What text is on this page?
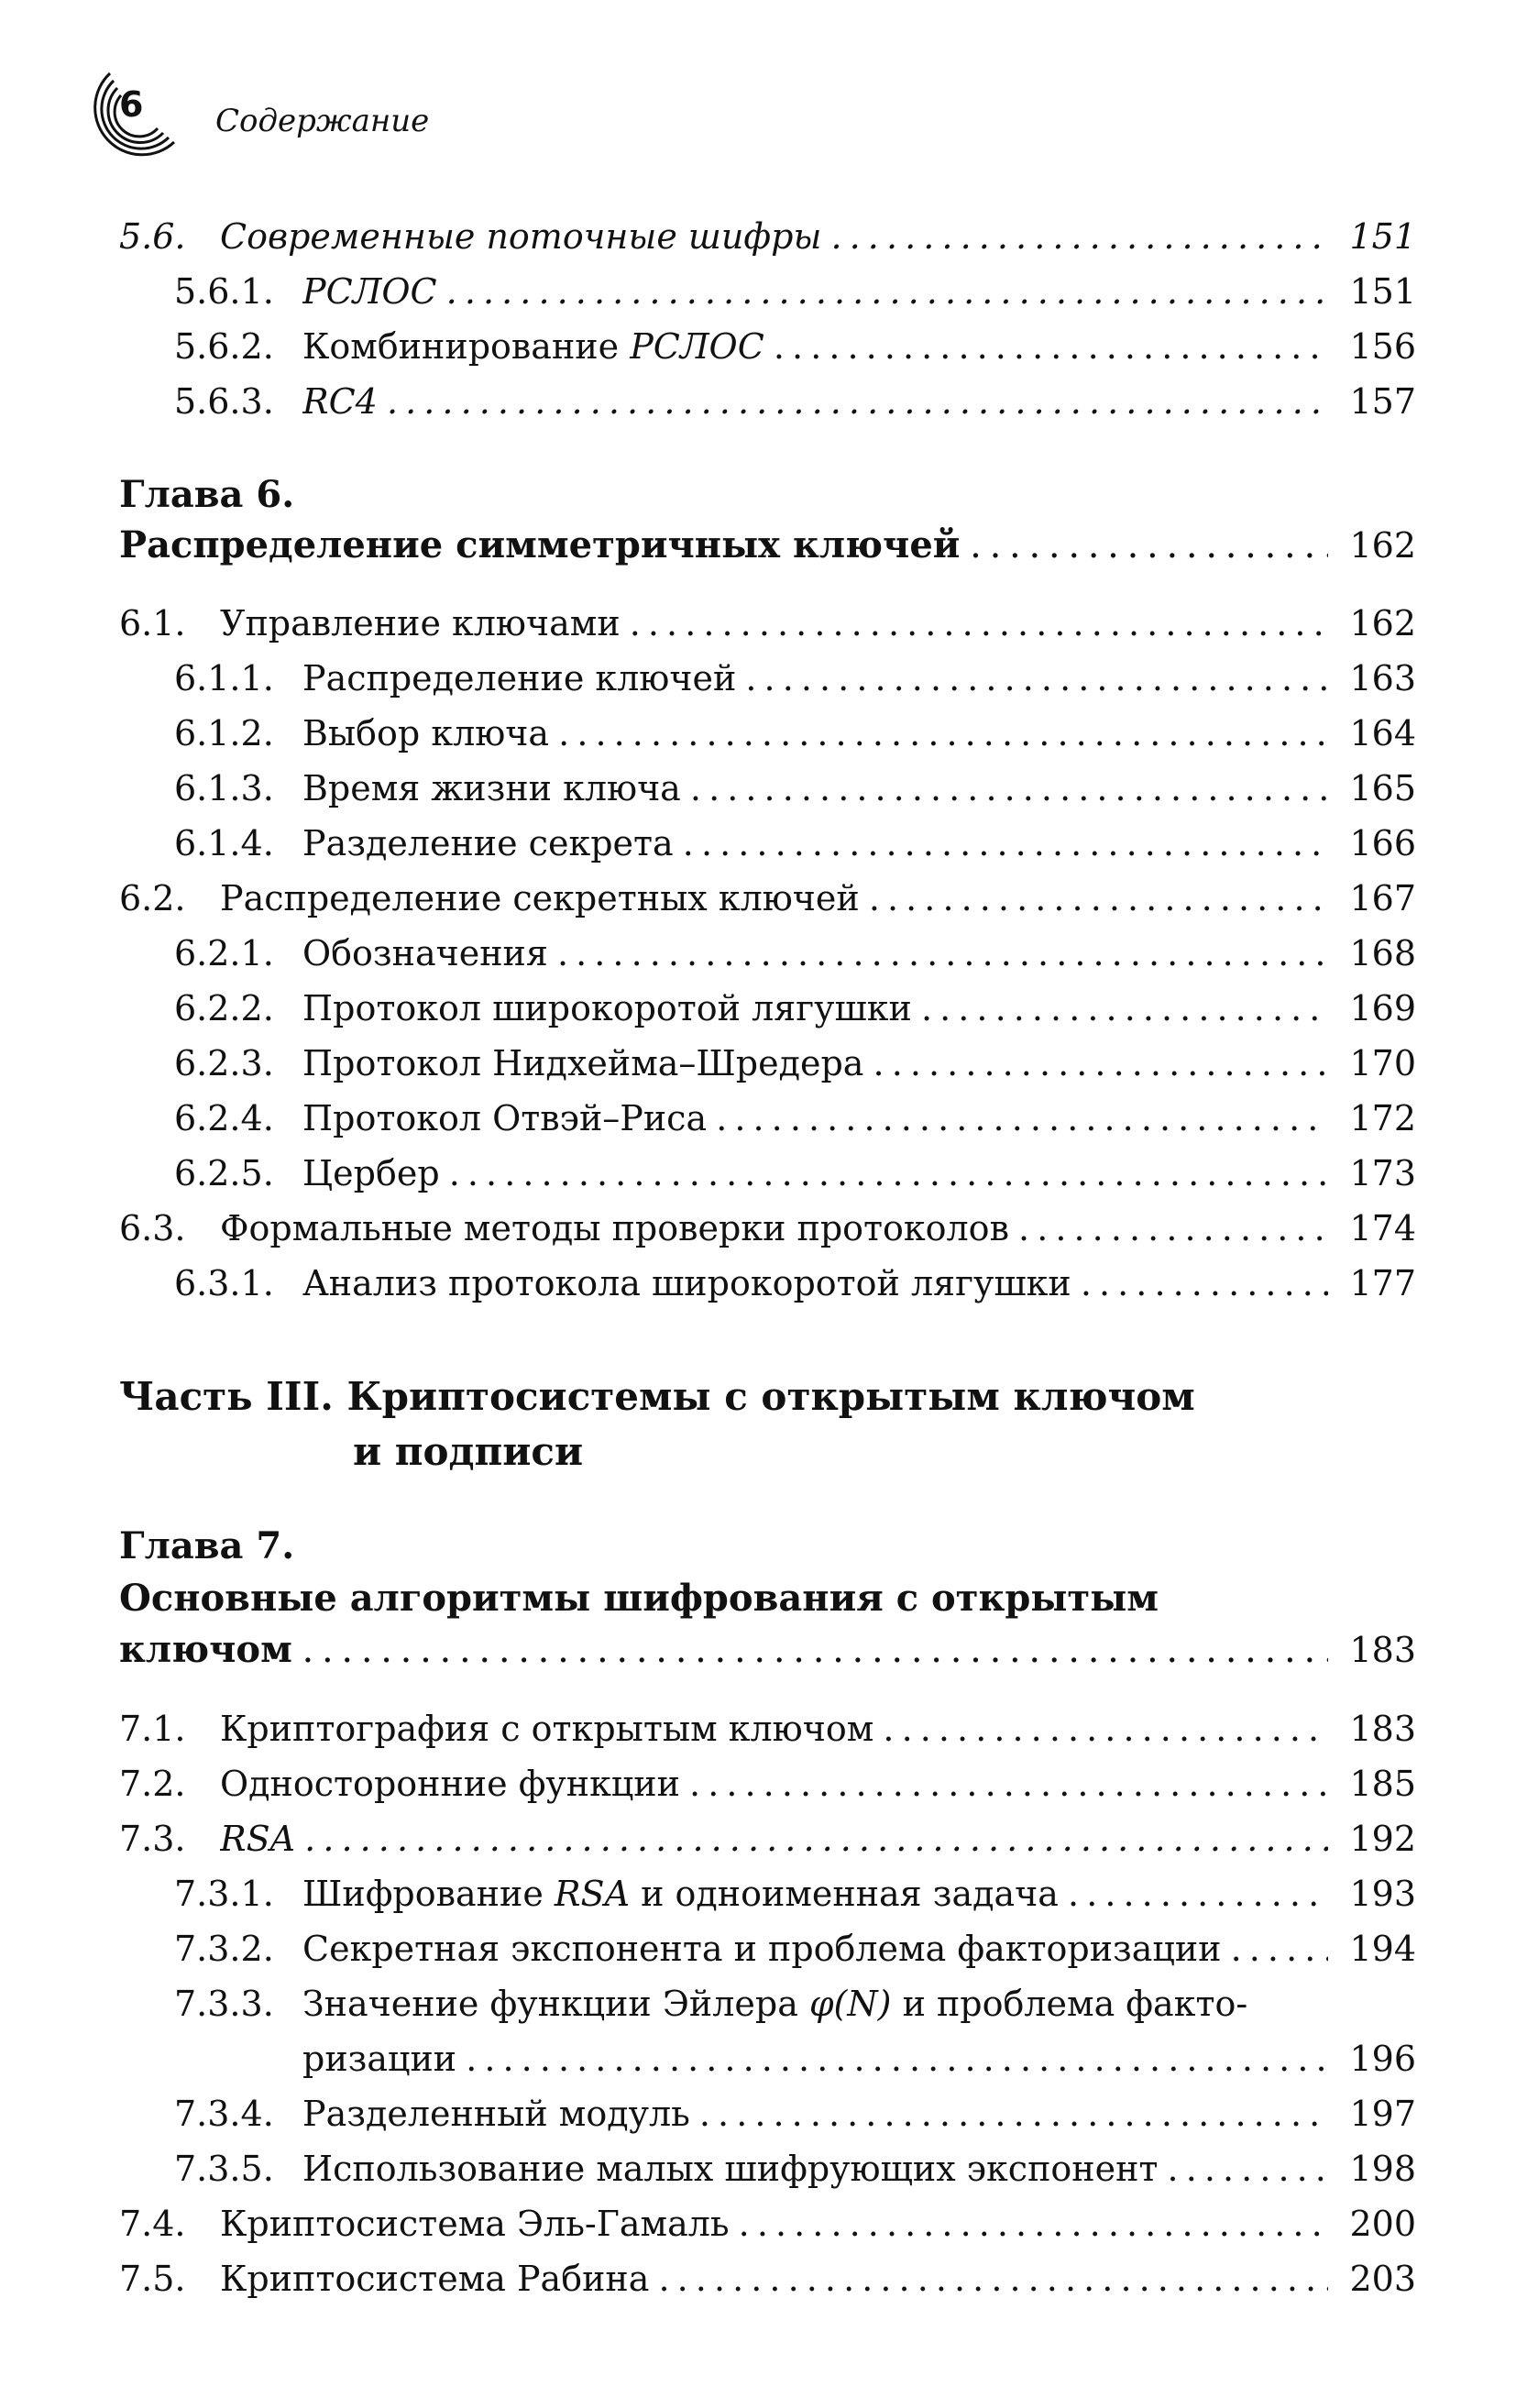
6 Содержание
5.6. Современные поточные шифры . . .	151
5.6.1. РСЛОС . . .	151
5.6.2. Комбинирование РСЛОС . . .	156
5.6.3. RC4 . . .	157
Глава 6.
Распределение симметричных ключей . . .	162
6.1. Управление ключами . . .	162
6.1.1. Распределение ключей . . .	163
6.1.2. Выбор ключа . . .	164
6.1.3. Время жизни ключа . . .	165
6.1.4. Разделение секрета . . .	166
6.2. Распределение секретных ключей . . .	167
6.2.1. Обозначения . . .	168
6.2.2. Протокол широкоротой лягушки . . .	169
6.2.3. Протокол Нидхейма–Шредера . . .	170
6.2.4. Протокол Отвэй–Риса . . .	172
6.2.5. Цербер . . .	173
6.3. Формальные методы проверки протоколов . . .	174
6.3.1. Анализ протокола широкоротой лягушки . . .	177
Часть III. Криптосистемы с открытым ключом
и подписи
Глава 7.
Основные алгоритмы шифрования с открытым
ключом . . .	183
7.1. Криптография с открытым ключом . . .	183
7.2. Односторонние функции . . .	185
7.3. RSA . . .	192
7.3.1. Шифрование RSA и одноименная задача . . .	193
7.3.2. Секретная экспонента и проблема факторизации . . .	194
7.3.3. Значение функции Эйлера φ(N) и проблема факто-
ризации . . .	196
7.3.4. Разделенный модуль . . .	197
7.3.5. Использование малых шифрующих экспонент . . .	198
7.4. Криптосистема Эль-Гамаль . . .	200
7.5. Криптосистема Рабина . . .	203
